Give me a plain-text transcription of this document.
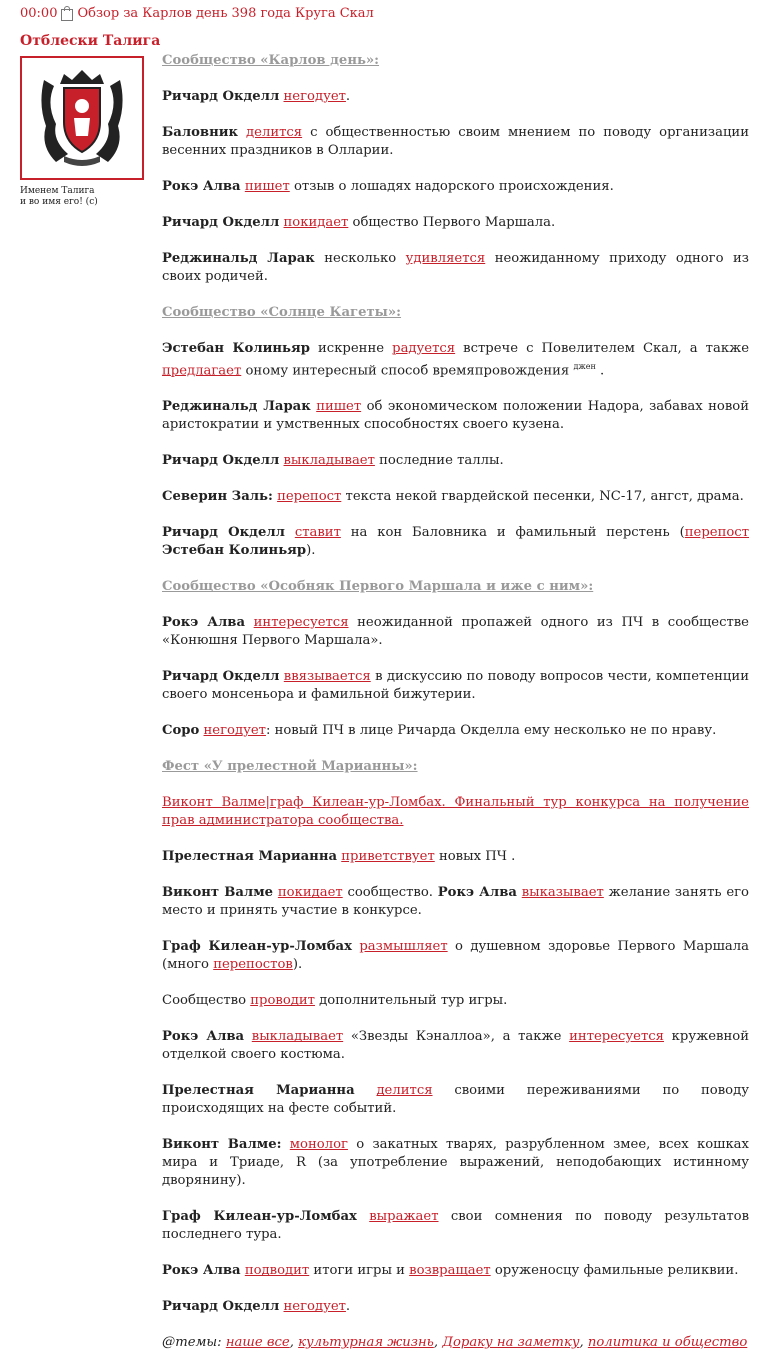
00:00 Обзор за Карлов день 398 года Круга Скал
Отблески Талига
Именем Талига
и во имя его! (с)

Сообщество «Карлов день»:

Ричард Окделл негодует.

Баловник делится с общественностью своим мнением по поводу организации весенних праздников в Олларии.

Рокэ Алва пишет отзыв о лошадях надорского происхождения.

Ричард Окделл покидает общество Первого Маршала.

Реджинальд Ларак несколько удивляется неожиданному приходу одного из своих родичей.

Сообщество «Солнце Кагеты»:

Эстебан Колиньяр искренне радуется встрече с Повелителем Скал, а также предлагает оному интересный способ времяпровождения $^{джен}$ .

Реджинальд Ларак пишет об экономическом положении Надора, забавах новой аристократии и умственных способностях своего кузена.

Ричард Окделл выкладывает последние таллы.

Северин Заль: перепост текста некой гвардейской песенки, NC-17, ангст, драма.

Ричард Окделл ставит на кон Баловника и фамильный перстень (перепост Эстебан Колиньяр).

Сообщество «Особняк Первого Маршала и иже с ним»:

Рокэ Алва интересуется неожиданной пропажей одного из ПЧ в сообществе «Конюшня Первого Маршала».

Ричард Окделл ввязывается в дискуссию по поводу вопросов чести, компетенции своего монсеньора и фамильной бижутерии.

Соро негодует: новый ПЧ в лице Ричарда Окделла ему несколько не по нраву.

Фест «У прелестной Марианны»:

Виконт Валме|граф Килеан-ур-Ломбах. Финальный тур конкурса на получение прав администратора сообщества.

Прелестная Марианна приветствует новых ПЧ .

Виконт Валме покидает сообщество. Рокэ Алва выказывает желание занять его место и принять участие в конкурсе.

Граф Килеан-ур-Ломбах размышляет о душевном здоровье Первого Маршала (много перепостов).

Сообщество проводит дополнительный тур игры.

Рокэ Алва выкладывает «Звезды Кэналлоа», а также интересуется кружевной отделкой своего костюма.

Прелестная Марианна делится своими переживаниями по поводу происходящих на фесте событий.

Виконт Валме: монолог о закатных тварях, разрубленном змее, всех кошках мира и Триаде, R (за употребление выражений, неподобающих истинному дворянину).

Граф Килеан-ур-Ломбах выражает свои сомнения по поводу результатов последнего тура.

Рокэ Алва подводит итоги игры и возвращает оруженосцу фамильные реликвии.

Ричард Окделл негодует.

@темы: наше все, культурная жизнь, Дораку на заметку, политика и общество
